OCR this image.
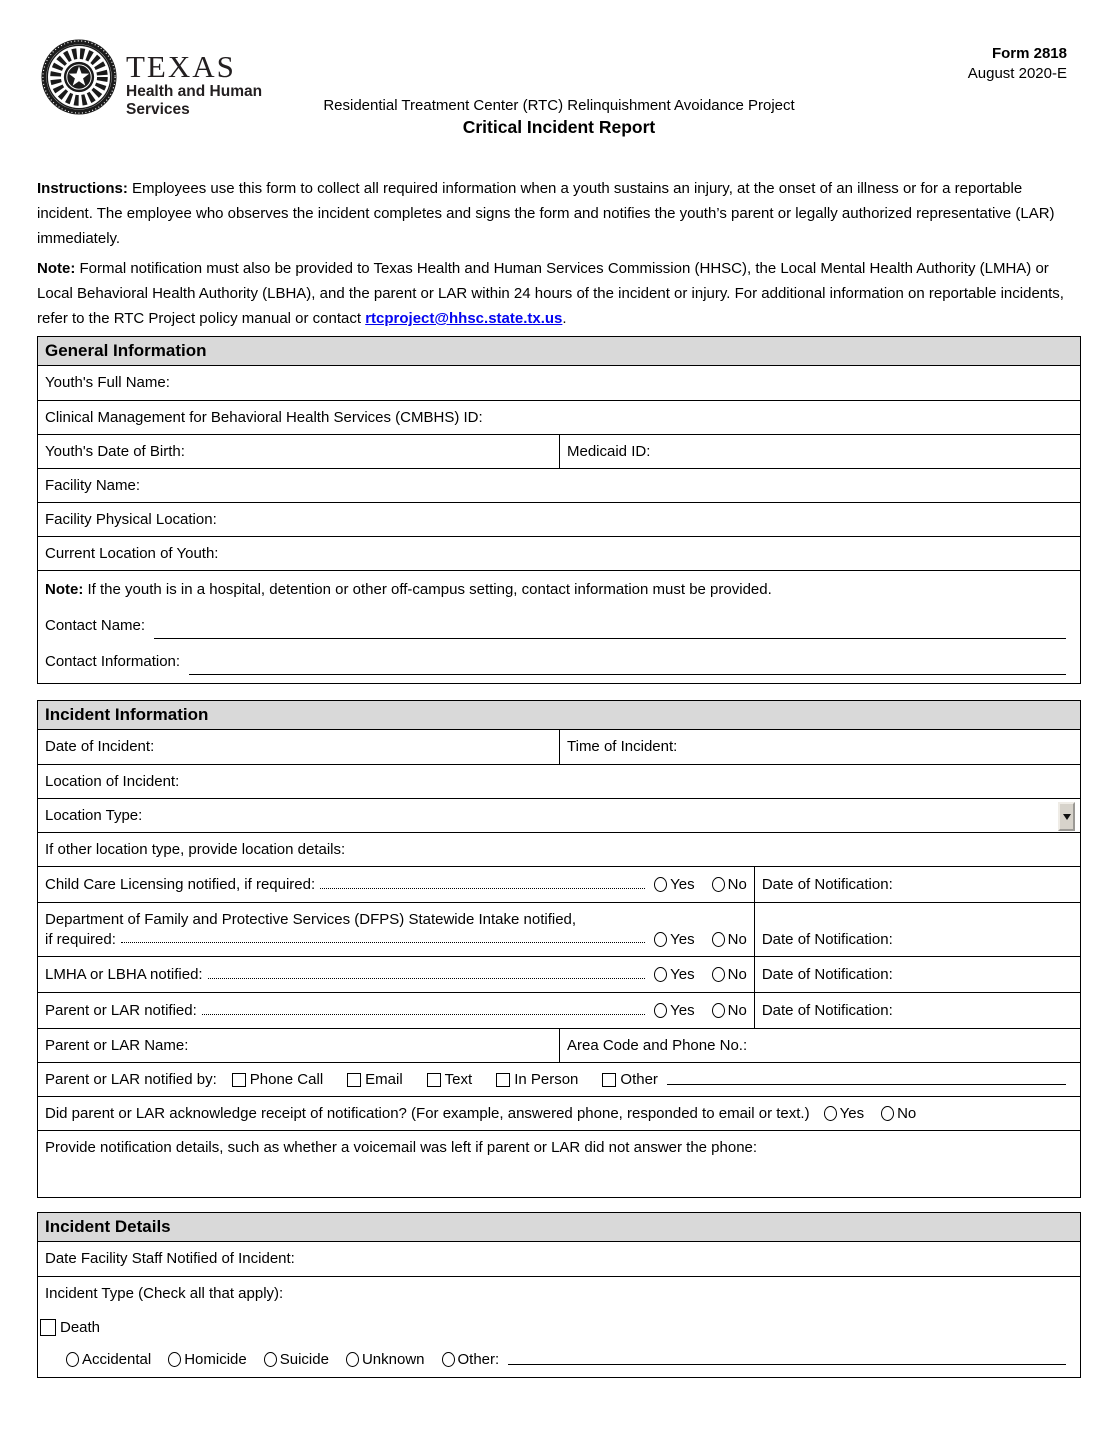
TEXAS
Health and Human
Services
Form 2818
August 2020-E
Residential Treatment Center (RTC) Relinquishment Avoidance Project
Critical Incident Report

Instructions: Employees use this form to collect all required information when a youth sustains an injury, at the onset of an illness or for a reportable incident. The employee who observes the incident completes and signs the form and notifies the youth’s parent or legally authorized representative (LAR) immediately.

Note: Formal notification must also be provided to Texas Health and Human Services Commission (HHSC), the Local Mental Health Authority (LMHA) or Local Behavioral Health Authority (LBHA), and the parent or LAR within 24 hours of the incident or injury. For additional information on reportable incidents, refer to the RTC Project policy manual or contact rtcproject@hhsc.state.tx.us.

General Information
Youth's Full Name:
Clinical Management for Behavioral Health Services (CMBHS) ID:
Youth's Date of Birth:	Medicaid ID:
Facility Name:
Facility Physical Location:
Current Location of Youth:
Note: If the youth is in a hospital, detention or other off-campus setting, contact information must be provided.
Contact Name:
Contact Information:
Incident Information
Date of Incident:	Time of Incident:
Location of Incident:
Location Type:
If other location type, provide location details:
Child Care Licensing notified, if required:	Yes No Date of Notification:
Department of Family and Protective Services (DFPS) Statewide Intake notified,
if required:	Yes No Date of Notification:
LMHA or LBHA notified:	Yes No Date of Notification:
Parent or LAR notified:	Yes No Date of Notification:
Parent or LAR Name:	Area Code and Phone No.:
Parent or LAR notified by: Phone Call	Email	Text	In Person	Other
Did parent or LAR acknowledge receipt of notification? (For example, answered phone, responded to email or text.) Yes No
Provide notification details, such as whether a voicemail was left if parent or LAR did not answer the phone:
Incident Details
Date Facility Staff Notified of Incident:
Incident Type (Check all that apply):
Death
Accidental Homicide Suicide Unknown Other:
